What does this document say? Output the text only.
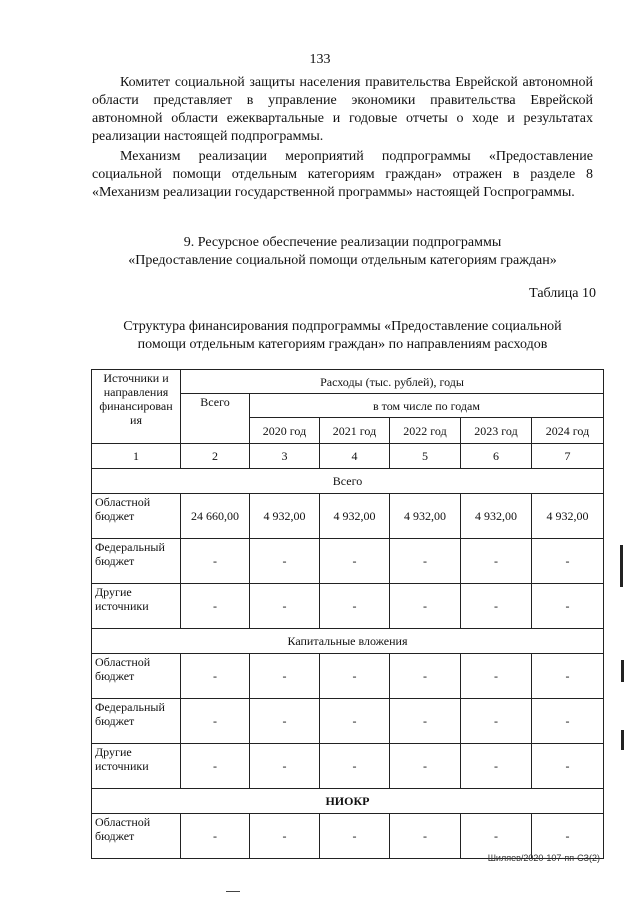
133

Комитет социальной защиты населения правительства Еврейской автономной области представляет в управление экономики правительства Еврейской автономной области ежеквартальные и годовые отчеты о ходе и результатах реализации настоящей подпрограммы.

Механизм реализации мероприятий подпрограммы «Предоставление социальной помощи отдельным категориям граждан» отражен в разделе 8 «Механизм реализации государственной программы» настоящей Госпрограммы.

9. Ресурсное обеспечение реализации подпрограммы
«Предоставление социальной помощи отдельным категориям граждан»
Таблица 10
Структура финансирования подпрограммы «Предоставление социальной
помощи отдельным категориям граждан» по направлениям расходов
Источники и направления финансирован ия	Расходы (тыс. рублей), годы					
	Всего	в том числе по годам				
		2020 год	2021 год	2022 год	2023 год	2024 год
1	2	3	4	5	6	7
Всего						
Областной бюджет	24 660,00	4 932,00	4 932,00	4 932,00	4 932,00	4 932,00
Федеральный бюджет	-	-	-	-	-	-
Другие источники	-	-	-	-	-	-
Капитальные вложения						
Областной бюджет	-	-	-	-	-	-
Федеральный бюджет	-	-	-	-	-	-
Другие источники	-	-	-	-	-	-
НИОКР						
Областной бюджет	-	-	-	-	-	-
Шиляев/2020-107-пп-СЗ(2)
